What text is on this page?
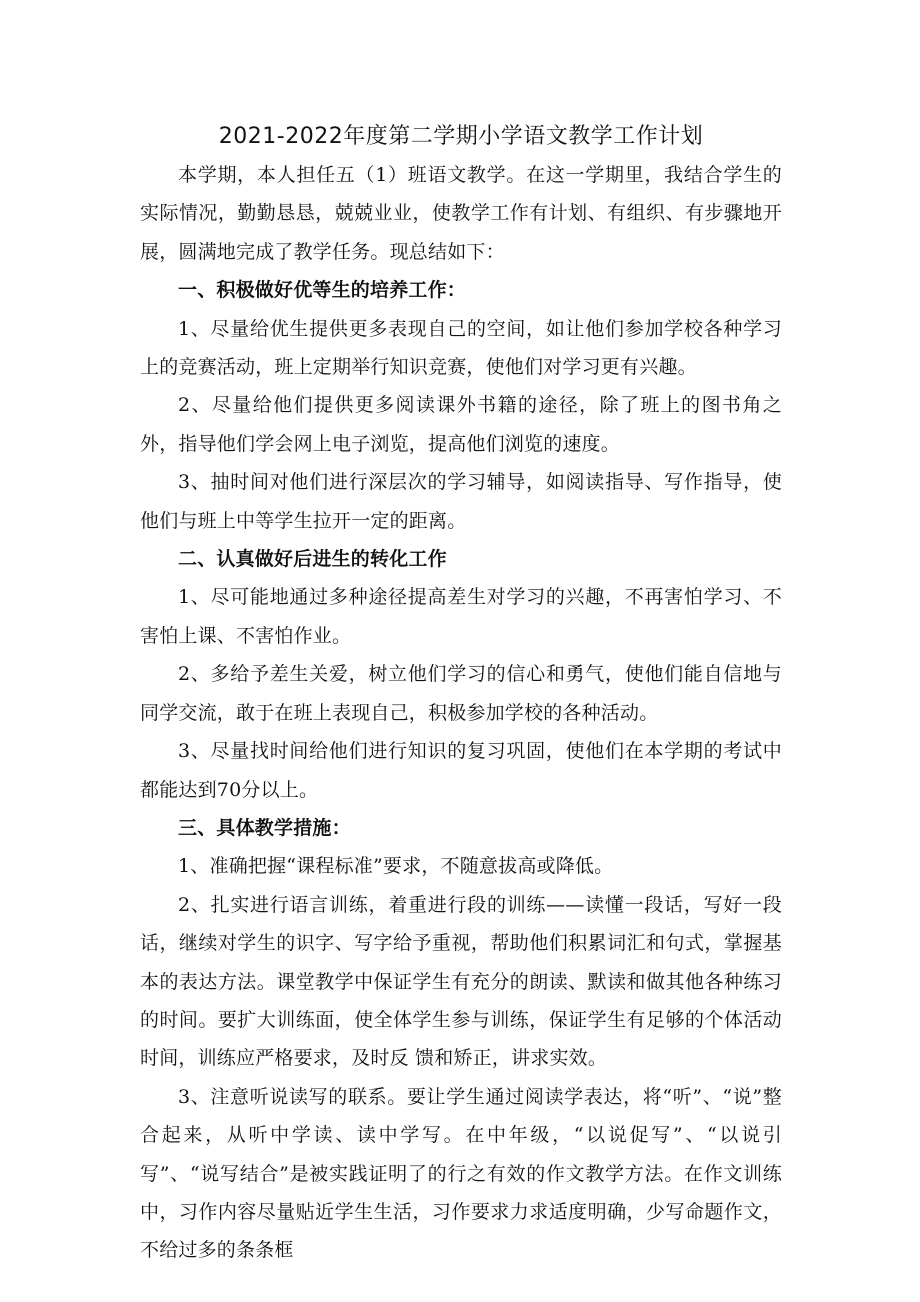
2021-2022年度第二学期小学语文教学工作计划

本学期，本人担任五（1）班语文教学。在这一学期里，我结合学生的实际情况，勤勤恳恳，兢兢业业，使教学工作有计划、有组织、有步骤地开展，圆满地完成了教学任务。现总结如下：

一、积极做好优等生的培养工作：

1、尽量给优生提供更多表现自己的空间，如让他们参加学校各种学习上的竞赛活动，班上定期举行知识竞赛，使他们对学习更有兴趣。

2、尽量给他们提供更多阅读课外书籍的途径，除了班上的图书角之外，指导他们学会网上电子浏览，提高他们浏览的速度。

3、抽时间对他们进行深层次的学习辅导，如阅读指导、写作指导，使他们与班上中等学生拉开一定的距离。

二、认真做好后进生的转化工作

1、尽可能地通过多种途径提高差生对学习的兴趣，不再害怕学习、不害怕上课、不害怕作业。

2、多给予差生关爱，树立他们学习的信心和勇气，使他们能自信地与同学交流，敢于在班上表现自己，积极参加学校的各种活动。

3、尽量找时间给他们进行知识的复习巩固，使他们在本学期的考试中都能达到70分以上。

三、具体教学措施：

1、准确把握“课程标准”要求，不随意拔高或降低。

2、扎实进行语言训练，着重进行段的训练——读懂一段话，写好一段话，继续对学生的识字、写字给予重视，帮助他们积累词汇和句式，掌握基本的表达方法。课堂教学中保证学生有充分的朗读、默读和做其他各种练习的时间。要扩大训练面，使全体学生参与训练，保证学生有足够的个体活动时间，训练应严格要求，及时反 馈和矫正，讲求实效。

3、注意听说读写的联系。要让学生通过阅读学表达，将“听”、“说”整合起来，从听中学读、读中学写。在中年级，“以说促写”、“以说引写”、“说写结合”是被实践证明了的行之有效的作文教学方法。在作文训练中，习作内容尽量贴近学生生活，习作要求力求适度明确，少写命题作文，不给过多的条条框
